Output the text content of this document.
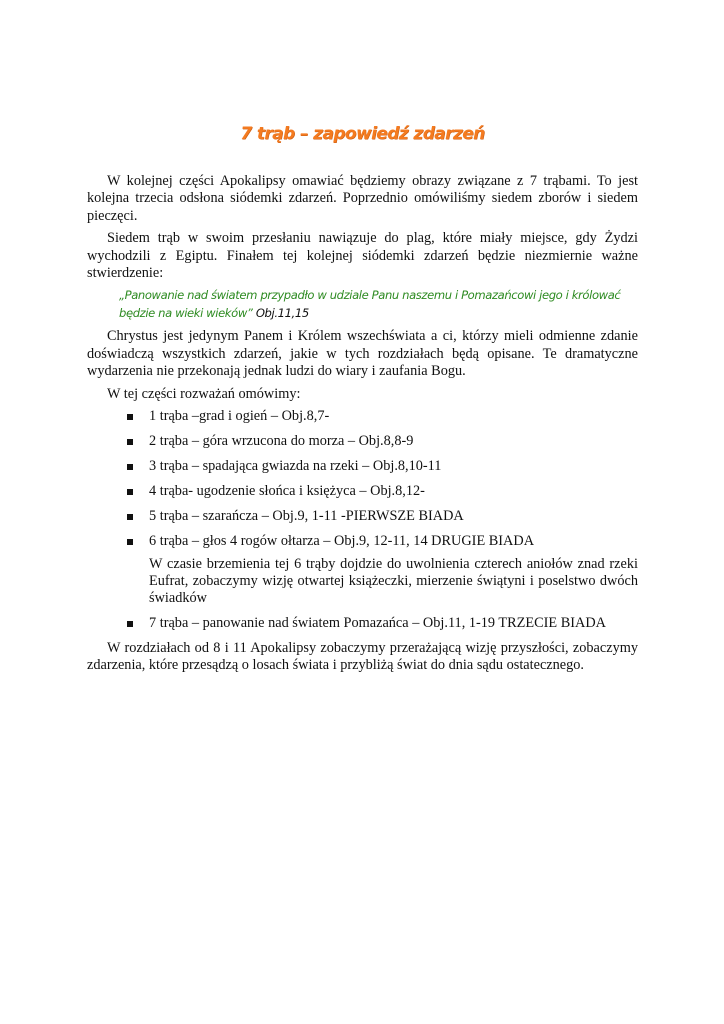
7 trąb – zapowiedź zdarzeń

W kolejnej części Apokalipsy omawiać będziemy obrazy związane z 7 trąbami. To jest kolejna trzecia odsłona siódemki zdarzeń. Poprzednio omówiliśmy siedem zborów i siedem pieczęci.

Siedem trąb w swoim przesłaniu nawiązuje do plag, które miały miejsce, gdy Żydzi wychodzili z Egiptu. Finałem tej kolejnej siódemki zdarzeń będzie niezmiernie ważne stwierdzenie:

„Panowanie nad światem przypadło w udziale Panu naszemu i Pomazańcowi jego i królować będzie na wieki wieków” Obj.11,15

Chrystus jest jedynym Panem i Królem wszechświata a ci, którzy mieli odmienne zdanie doświadczą wszystkich zdarzeń, jakie w tych rozdziałach będą opisane. Te dramatyczne wydarzenia nie przekonają jednak ludzi do wiary i zaufania Bogu.

W tej części rozważań omówimy:

1 trąba –grad i ogień – Obj.8,7-
2 trąba – góra wrzucona do morza – Obj.8,8-9
3 trąba – spadająca gwiazda na rzeki – Obj.8,10-11
4 trąba- ugodzenie słońca i księżyca – Obj.8,12-
5 trąba – szarańcza – Obj.9, 1-11 -PIERWSZE BIADA
6 trąba – głos 4 rogów ołtarza – Obj.9, 12-11, 14 DRUGIE BIADA

W czasie brzemienia tej 6 trąby dojdzie do uwolnienia czterech aniołów znad rzeki Eufrat, zobaczymy wizję otwartej książeczki, mierzenie świątyni i poselstwo dwóch świadków

7 trąba – panowanie nad światem Pomazańca – Obj.11, 1-19 TRZECIE BIADA

W rozdziałach od 8 i 11 Apokalipsy zobaczymy przerażającą wizję przyszłości, zobaczymy zdarzenia, które przesądzą o losach świata i przybliżą świat do dnia sądu ostatecznego.
